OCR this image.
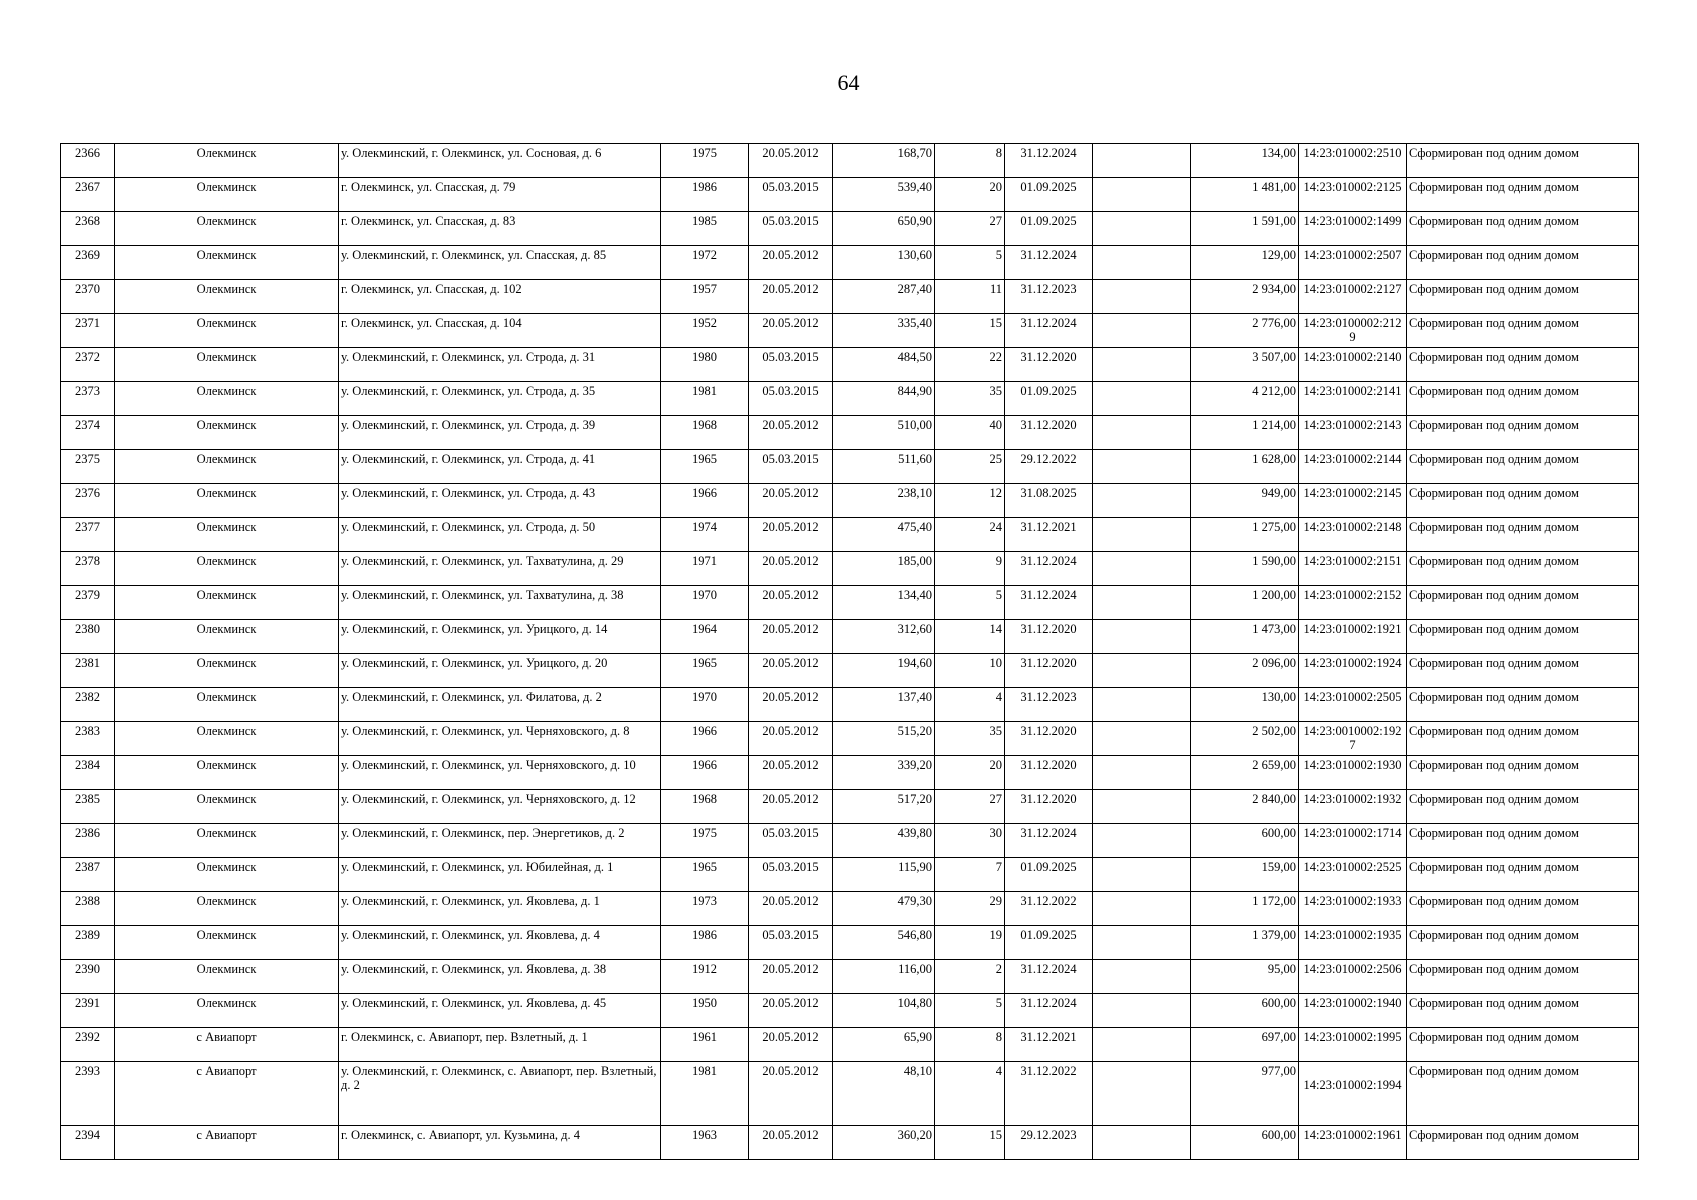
64
2366	Олекминск	у. Олекминский, г. Олекминск, ул. Сосновая, д. 6	1975	20.05.2012	168,70	8	31.12.2024		134,00	14:23:010002:2510	Сформирован под одним домом
2367	Олекминск	г. Олекминск, ул. Спасская, д. 79	1986	05.03.2015	539,40	20	01.09.2025		1 481,00	14:23:010002:2125	Сформирован под одним домом
2368	Олекминск	г. Олекминск, ул. Спасская, д. 83	1985	05.03.2015	650,90	27	01.09.2025		1 591,00	14:23:010002:1499	Сформирован под одним домом
2369	Олекминск	у. Олекминский, г. Олекминск, ул. Спасская, д. 85	1972	20.05.2012	130,60	5	31.12.2024		129,00	14:23:010002:2507	Сформирован под одним домом
2370	Олекминск	г. Олекминск, ул. Спасская, д. 102	1957	20.05.2012	287,40	11	31.12.2023		2 934,00	14:23:010002:2127	Сформирован под одним домом
2371	Олекминск	г. Олекминск, ул. Спасская, д. 104	1952	20.05.2012	335,40	15	31.12.2024		2 776,00	14:23:0100002:2129	Сформирован под одним домом
2372	Олекминск	у. Олекминский, г. Олекминск, ул. Строда, д. 31	1980	05.03.2015	484,50	22	31.12.2020		3 507,00	14:23:010002:2140	Сформирован под одним домом
2373	Олекминск	у. Олекминский, г. Олекминск, ул. Строда, д. 35	1981	05.03.2015	844,90	35	01.09.2025		4 212,00	14:23:010002:2141	Сформирован под одним домом
2374	Олекминск	у. Олекминский, г. Олекминск, ул. Строда, д. 39	1968	20.05.2012	510,00	40	31.12.2020		1 214,00	14:23:010002:2143	Сформирован под одним домом
2375	Олекминск	у. Олекминский, г. Олекминск, ул. Строда, д. 41	1965	05.03.2015	511,60	25	29.12.2022		1 628,00	14:23:010002:2144	Сформирован под одним домом
2376	Олекминск	у. Олекминский, г. Олекминск, ул. Строда, д. 43	1966	20.05.2012	238,10	12	31.08.2025		949,00	14:23:010002:2145	Сформирован под одним домом
2377	Олекминск	у. Олекминский, г. Олекминск, ул. Строда, д. 50	1974	20.05.2012	475,40	24	31.12.2021		1 275,00	14:23:010002:2148	Сформирован под одним домом
2378	Олекминск	у. Олекминский, г. Олекминск, ул. Тахватулина, д. 29	1971	20.05.2012	185,00	9	31.12.2024		1 590,00	14:23:010002:2151	Сформирован под одним домом
2379	Олекминск	у. Олекминский, г. Олекминск, ул. Тахватулина, д. 38	1970	20.05.2012	134,40	5	31.12.2024		1 200,00	14:23:010002:2152	Сформирован под одним домом
2380	Олекминск	у. Олекминский, г. Олекминск, ул. Урицкого, д. 14	1964	20.05.2012	312,60	14	31.12.2020		1 473,00	14:23:010002:1921	Сформирован под одним домом
2381	Олекминск	у. Олекминский, г. Олекминск, ул. Урицкого, д. 20	1965	20.05.2012	194,60	10	31.12.2020		2 096,00	14:23:010002:1924	Сформирован под одним домом
2382	Олекминск	у. Олекминский, г. Олекминск, ул. Филатова, д. 2	1970	20.05.2012	137,40	4	31.12.2023		130,00	14:23:010002:2505	Сформирован под одним домом
2383	Олекминск	у. Олекминский, г. Олекминск, ул. Черняховского, д. 8	1966	20.05.2012	515,20	35	31.12.2020		2 502,00	14:23:0010002:1927	Сформирован под одним домом
2384	Олекминск	у. Олекминский, г. Олекминск, ул. Черняховского, д. 10	1966	20.05.2012	339,20	20	31.12.2020		2 659,00	14:23:010002:1930	Сформирован под одним домом
2385	Олекминск	у. Олекминский, г. Олекминск, ул. Черняховского, д. 12	1968	20.05.2012	517,20	27	31.12.2020		2 840,00	14:23:010002:1932	Сформирован под одним домом
2386	Олекминск	у. Олекминский, г. Олекминск, пер. Энергетиков, д. 2	1975	05.03.2015	439,80	30	31.12.2024		600,00	14:23:010002:1714	Сформирован под одним домом
2387	Олекминск	у. Олекминский, г. Олекминск, ул. Юбилейная, д. 1	1965	05.03.2015	115,90	7	01.09.2025		159,00	14:23:010002:2525	Сформирован под одним домом
2388	Олекминск	у. Олекминский, г. Олекминск, ул. Яковлева, д. 1	1973	20.05.2012	479,30	29	31.12.2022		1 172,00	14:23:010002:1933	Сформирован под одним домом
2389	Олекминск	у. Олекминский, г. Олекминск, ул. Яковлева, д. 4	1986	05.03.2015	546,80	19	01.09.2025		1 379,00	14:23:010002:1935	Сформирован под одним домом
2390	Олекминск	у. Олекминский, г. Олекминск, ул. Яковлева, д. 38	1912	20.05.2012	116,00	2	31.12.2024		95,00	14:23:010002:2506	Сформирован под одним домом
2391	Олекминск	у. Олекминский, г. Олекминск, ул. Яковлева, д. 45	1950	20.05.2012	104,80	5	31.12.2024		600,00	14:23:010002:1940	Сформирован под одним домом
2392	с Авиапорт	г. Олекминск, с. Авиапорт, пер. Взлетный, д. 1	1961	20.05.2012	65,90	8	31.12.2021		697,00	14:23:010002:1995	Сформирован под одним домом
2393	с Авиапорт	у. Олекминский, г. Олекминск, с. Авиапорт, пер. Взлетный, д. 2	1981	20.05.2012	48,10	4	31.12.2022		977,00	14:23:010002:1994	Сформирован под одним домом
2394	с Авиапорт	г. Олекминск, с. Авиапорт, ул. Кузьмина, д. 4	1963	20.05.2012	360,20	15	29.12.2023		600,00	14:23:010002:1961	Сформирован под одним домом
